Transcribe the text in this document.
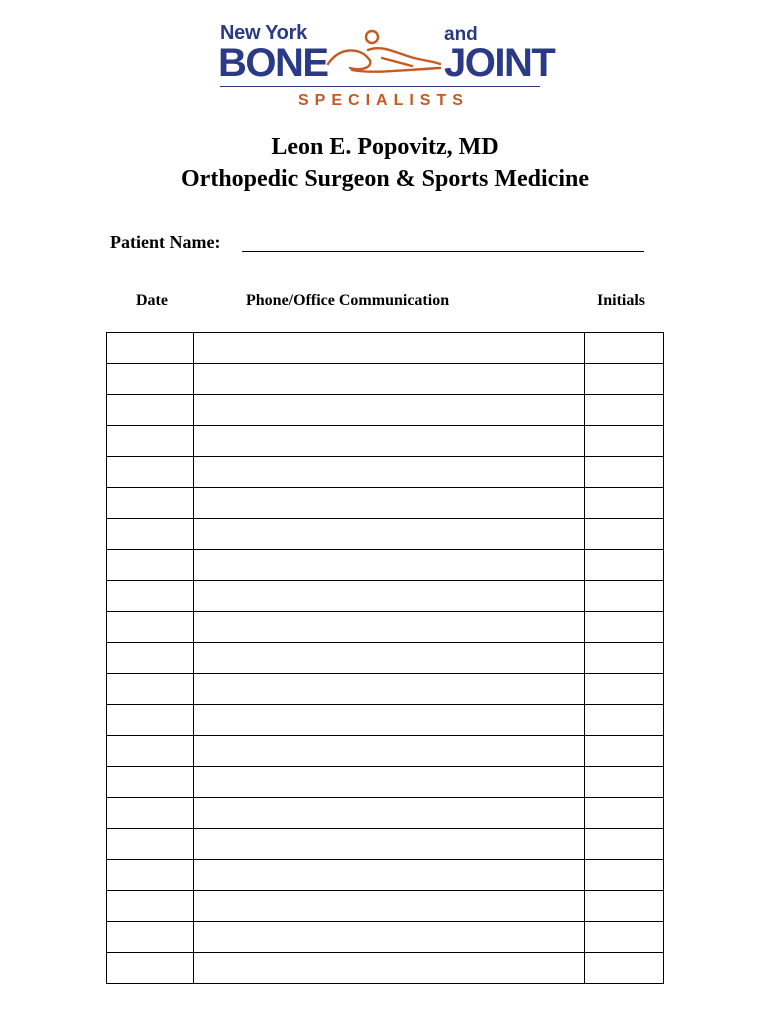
New York	and
BONE	JOINT
SPECIALISTS
Leon E. Popovitz, MD
Orthopedic Surgeon & Sports Medicine
Patient Name:
Date	Phone/Office Communication	Initials
